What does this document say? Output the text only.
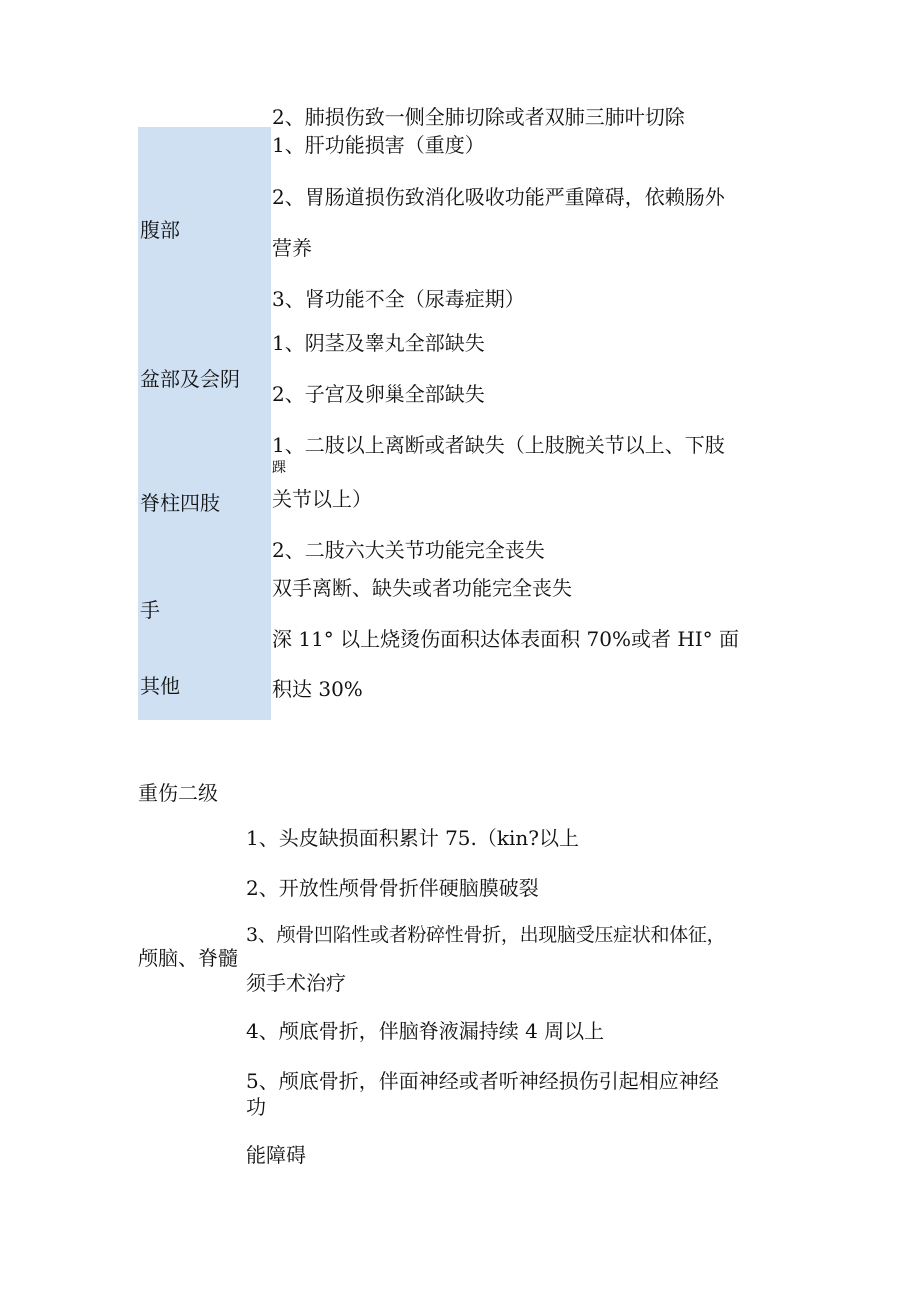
2、肺损伤致一侧全肺切除或者双肺三肺叶切除
腹部
1、肝功能损害（重度）
2、胃肠道损伤致消化吸收功能严重障碍，依赖肠外
营养
3、肾功能不全（尿毒症期）
盆部及会阴
1、阴茎及睾丸全部缺失
2、子宫及卵巢全部缺失
脊柱四肢
1、二肢以上离断或者缺失（上肢腕关节以上、下肢
踝
关节以上）
2、二肢六大关节功能完全丧失
手
双手离断、缺失或者功能完全丧失
其他
深 11° 以上烧烫伤面积达体表面积 70%或者 HI° 面
积达 30%
重伤二级
颅脑、脊髓
1、头皮缺损面积累计 75.（kin?以上
2、开放性颅骨骨折伴硬脑膜破裂
3、颅骨凹陷性或者粉碎性骨折，出现脑受压症状和体征，
须手术治疗
4、颅底骨折，伴脑脊液漏持续 4 周以上
5、颅底骨折，伴面神经或者听神经损伤引起相应神经
功
能障碍
